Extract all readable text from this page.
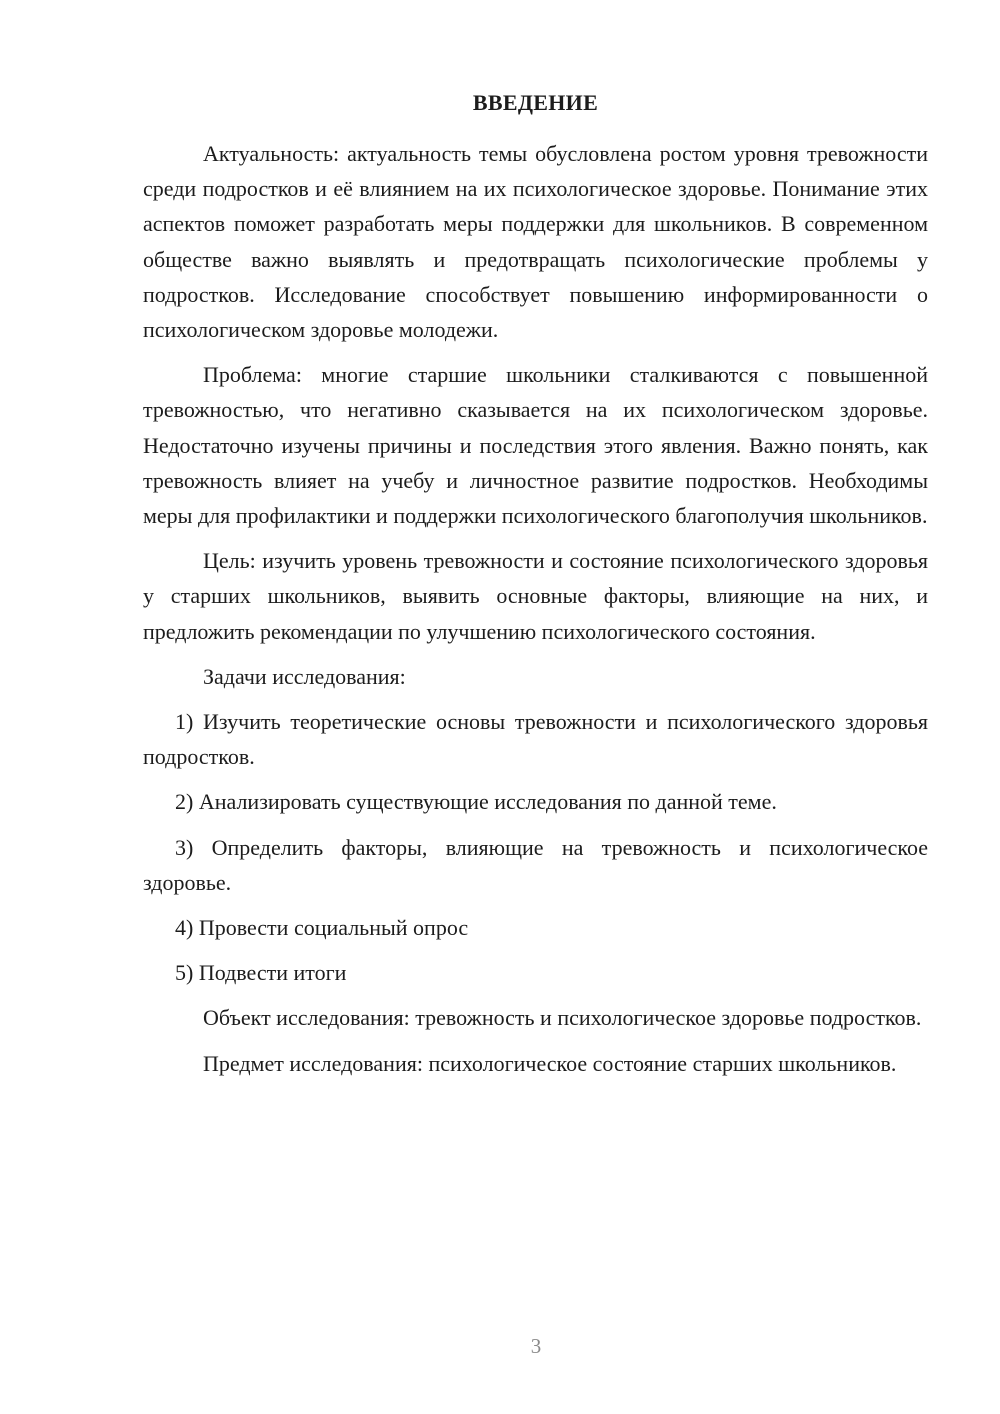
ВВЕДЕНИЕ

Актуальность: актуальность темы обусловлена ростом уровня тревожности среди подростков и её влиянием на их психологическое здоровье. Понимание этих аспектов поможет разработать меры поддержки для школьников. В современном обществе важно выявлять и предотвращать психологические проблемы у подростков. Исследование способствует повышению информированности о психологическом здоровье молодежи.

Проблема: многие старшие школьники сталкиваются с повышенной тревожностью, что негативно сказывается на их психологическом здоровье. Недостаточно изучены причины и последствия этого явления. Важно понять, как тревожность влияет на учебу и личностное развитие подростков. Необходимы меры для профилактики и поддержки психологического благополучия школьников.

Цель: изучить уровень тревожности и состояние психологического здоровья у старших школьников, выявить основные факторы, влияющие на них, и предложить рекомендации по улучшению психологического состояния.

Задачи исследования:

1) Изучить теоретические основы тревожности и психологического здоровья подростков.

2) Анализировать существующие исследования по данной теме.

3) Определить факторы, влияющие на тревожность и психологическое здоровье.

4) Провести социальный опрос

5) Подвести итоги

Объект исследования: тревожность и психологическое здоровье подростков.

Предмет исследования: психологическое состояние старших школьников.

3
